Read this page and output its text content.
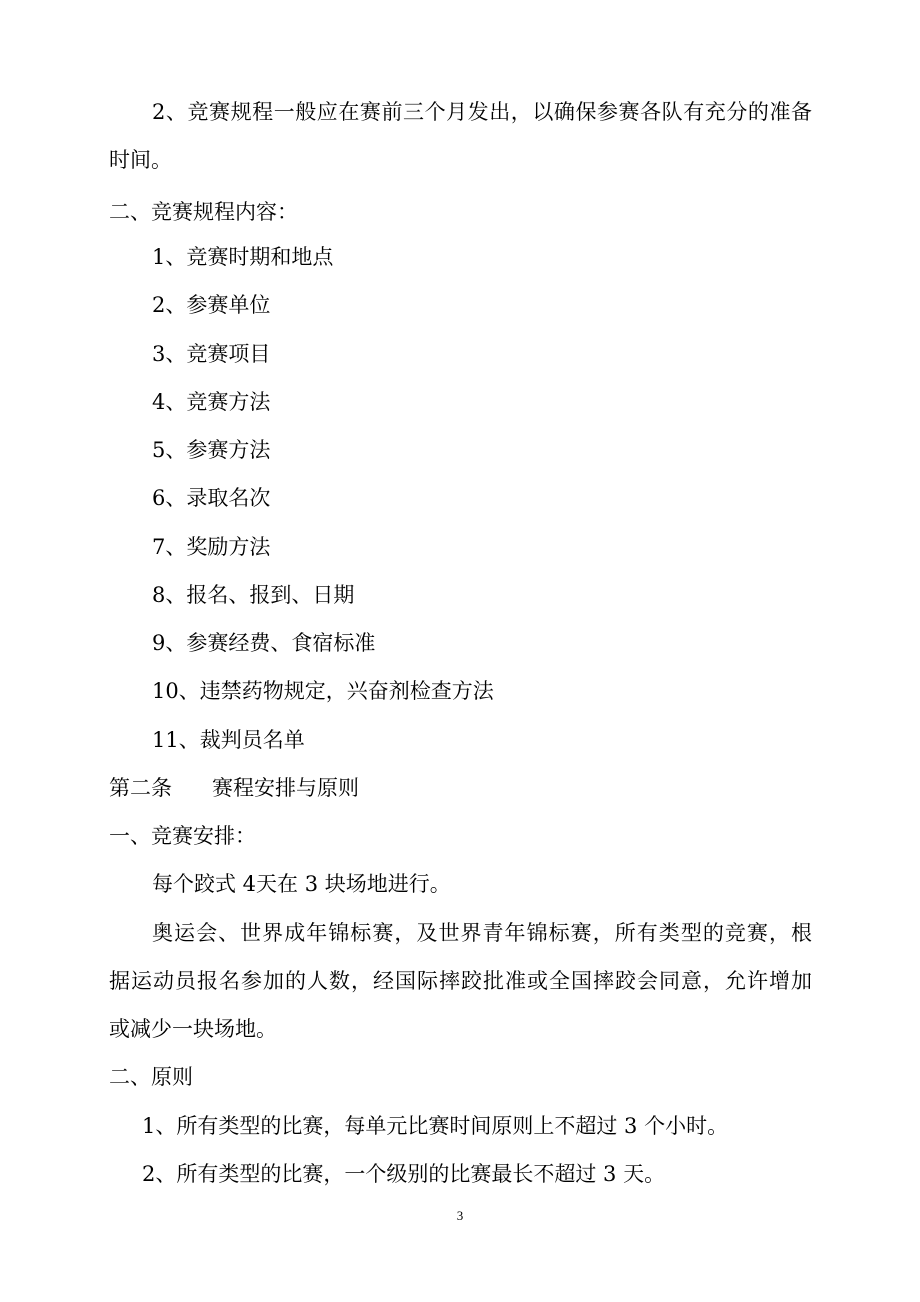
2、竞赛规程一般应在赛前三个月发出，以确保参赛各队有充分的准备
时间。
二、竞赛规程内容：
1、竞赛时期和地点
2、参赛单位
3、竞赛项目
4、竞赛方法
5、参赛方法
6、录取名次
7、奖励方法
8、报名、报到、日期
9、参赛经费、食宿标准
10、违禁药物规定，兴奋剂检查方法
11、裁判员名单
第二条      赛程安排与原则
一、竞赛安排：
每个跤式 4天在 3 块场地进行。
奥运会、世界成年锦标赛，及世界青年锦标赛，所有类型的竞赛，根
据运动员报名参加的人数，经国际摔跤批准或全国摔跤会同意，允许增加
或减少一块场地。
二、原则
1、所有类型的比赛，每单元比赛时间原则上不超过 3 个小时。
2、所有类型的比赛，一个级别的比赛最长不超过 3 天。
3
